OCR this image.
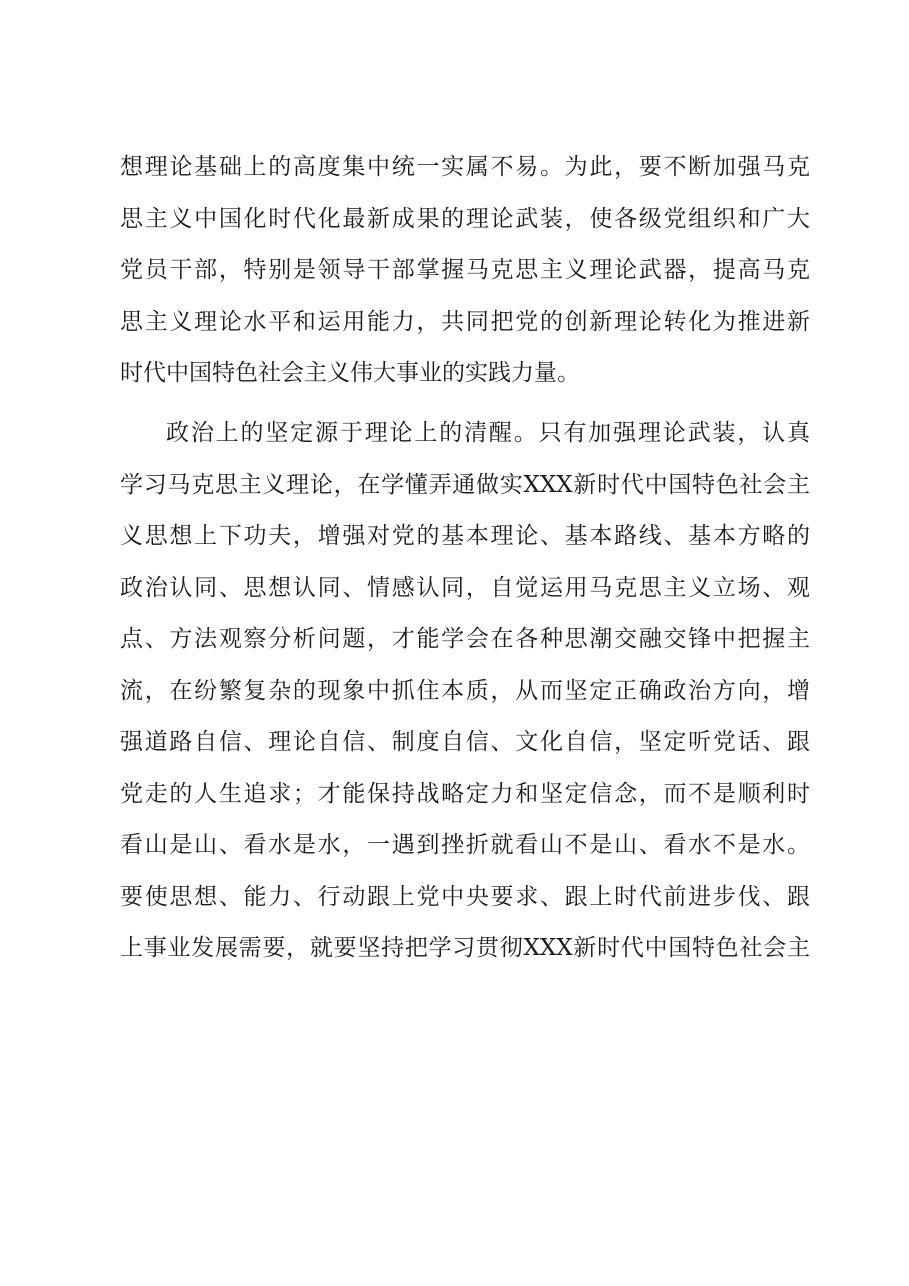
想理论基础上的高度集中统一实属不易。为此，要不断加强马克
思主义中国化时代化最新成果的理论武装，使各级党组织和广大
党员干部，特别是领导干部掌握马克思主义理论武器，提高马克
思主义理论水平和运用能力，共同把党的创新理论转化为推进新
时代中国特色社会主义伟大事业的实践力量。
政治上的坚定源于理论上的清醒。只有加强理论武装，认真
学习马克思主义理论，在学懂弄通做实XXX新时代中国特色社会主
义思想上下功夫，增强对党的基本理论、基本路线、基本方略的
政治认同、思想认同、情感认同，自觉运用马克思主义立场、观
点、方法观察分析问题，才能学会在各种思潮交融交锋中把握主
流，在纷繁复杂的现象中抓住本质，从而坚定正确政治方向，增
强道路自信、理论自信、制度自信、文化自信，坚定听党话、跟
党走的人生追求；才能保持战略定力和坚定信念，而不是顺利时
看山是山、看水是水，一遇到挫折就看山不是山、看水不是水。
要使思想、能力、行动跟上党中央要求、跟上时代前进步伐、跟
上事业发展需要，就要坚持把学习贯彻XXX新时代中国特色社会主
